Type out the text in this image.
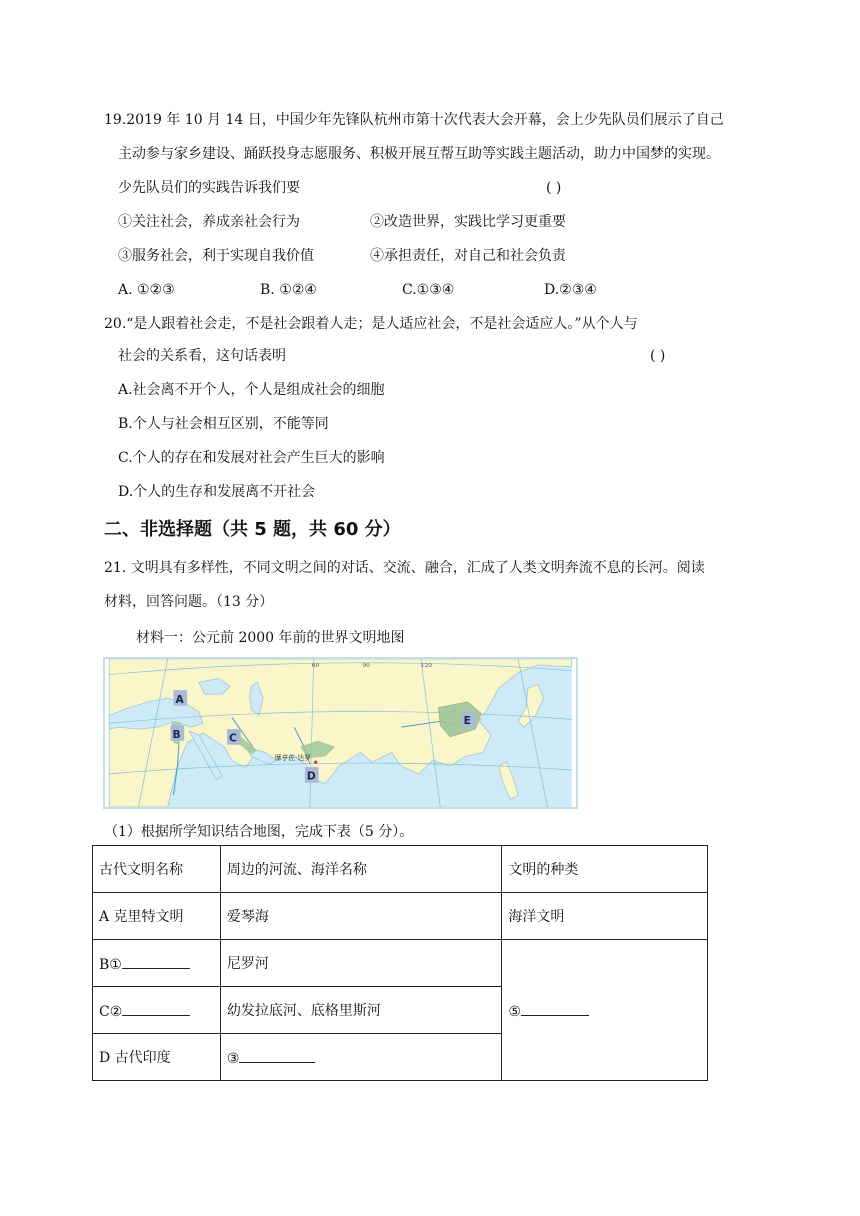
19.2019 年 10 月 14 日，中国少年先锋队杭州市第十次代表大会开幕，会上少先队员们展示了自己
主动参与家乡建设、踊跃投身志愿服务、积极开展互帮互助等实践主题活动，助力中国梦的实现。
少先队员们的实践告诉我们要	( )
①关注社会，养成亲社会行为	②改造世界，实践比学习更重要
③服务社会，利于实现自我价值	④承担责任，对自己和社会负责
A. ①②③	B. ①②④	C.①③④	D.②③④
20.“是人跟着社会走，不是社会跟着人走；是人适应社会，不是社会适应人。”从个人与
社会的关系看，这句话表明	( )
A.社会离不开个人，个人是组成社会的细胞
B.个人与社会相互区别，不能等同
C.个人的存在和发展对社会产生巨大的影响
D.个人的生存和发展离不开社会
二、非选择题（共 5 题，共 60 分）
21. 文明具有多样性，不同文明之间的对话、交流、融合，汇成了人类文明奔流不息的长河。阅读
材料，回答问题。（13 分）
材料一：公元前 2000 年前的世界文明地图
60	90	120
A
B	C
D
E
摩亨佐·达罗
（1）根据所学知识结合地图，完成下表（5 分）。
古代文明名称	周边的河流、海洋名称	文明的种类
A 克里特文明	爱琴海	海洋文明
B①	尼罗河	⑤
C②	幼发拉底河、底格里斯河	
D 古代印度	③	
